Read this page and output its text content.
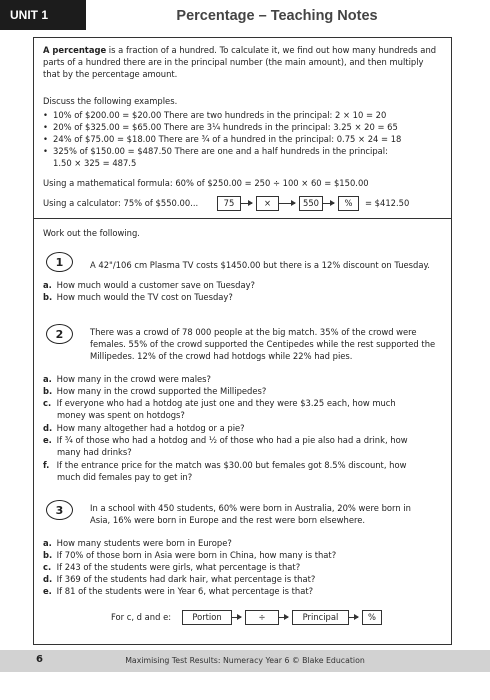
UNIT 1	Percentage – Teaching Notes
A percentage is a fraction of a hundred. To calculate it, we find out how many hundreds and parts of a hundred there are in the principal number (the main amount), and then multiply that by the percentage amount.
Discuss the following examples.
• 10% of $200.00 = $20.00 There are two hundreds in the principal: 2 × 10 = 20
• 20% of $325.00 = $65.00 There are 3¼ hundreds in the principal: 3.25 × 20 = 65
• 24% of $75.00 = $18.00 There are ¾ of a hundred in the principal: 0.75 × 24 = 18
• 325% of $150.00 = $487.50 There are one and a half hundreds in the principal:
1.50 × 325 = 487.5
Using a mathematical formula: 60% of $250.00 = 250 ÷ 100 × 60 = $150.00
Using a calculator: 75% of $550.00...	75	×	550	%	= $412.50
Work out the following.
1	A 42"/106 cm Plasma TV costs $1450.00 but there is a 12% discount on Tuesday.
a. How much would a customer save on Tuesday?
b. How much would the TV cost on Tuesday?
2	There was a crowd of 78 000 people at the big match. 35% of the crowd were
females. 55% of the crowd supported the Centipedes while the rest supported the
Millipedes. 12% of the crowd had hotdogs while 22% had pies.
a. How many in the crowd were males?
b. How many in the crowd supported the Millipedes?
c. If everyone who had a hotdog ate just one and they were $3.25 each, how much
money was spent on hotdogs?
d. How many altogether had a hotdog or a pie?
e. If ¾ of those who had a hotdog and ½ of those who had a pie also had a drink, how
many had drinks?
f. If the entrance price for the match was $30.00 but females got 8.5% discount, how
much did females pay to get in?
3	In a school with 450 students, 60% were born in Australia, 20% were born in
Asia, 16% were born in Europe and the rest were born elsewhere.
a. How many students were born in Europe?
b. If 70% of those born in Asia were born in China, how many is that?
c. If 243 of the students were girls, what percentage is that?
d. If 369 of the students had dark hair, what percentage is that?
e. If 81 of the students were in Year 6, what percentage is that?
For c, d and e:	Portion	÷	Principal	%
6	Maximising Test Results: Numeracy Year 6 © Blake Education
